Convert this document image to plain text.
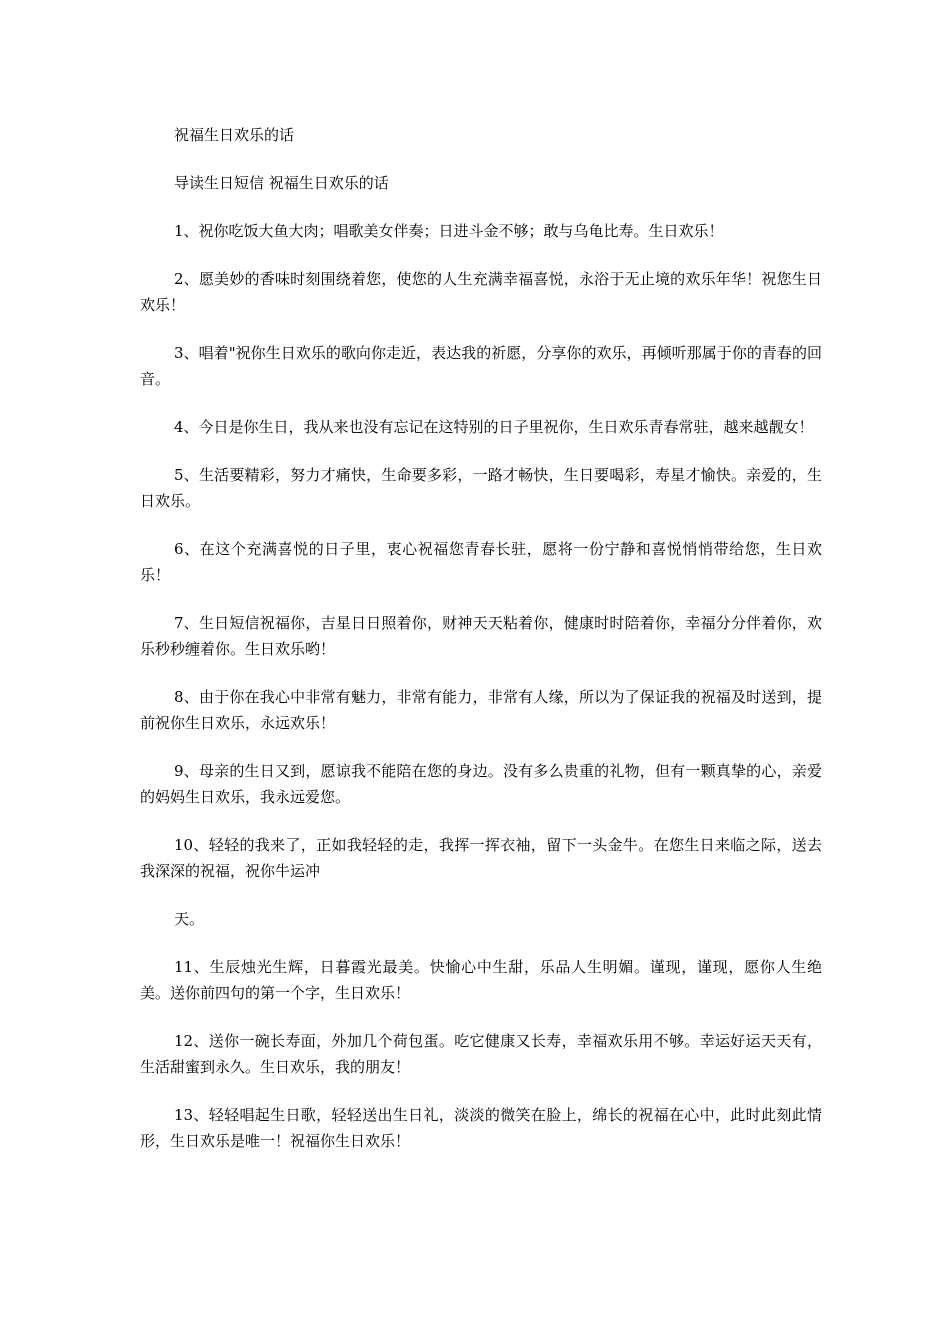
祝福生日欢乐的话

导读生日短信 祝福生日欢乐的话

1、祝你吃饭大鱼大肉；唱歌美女伴奏；日进斗金不够；敢与乌龟比寿。生日欢乐！

2、愿美妙的香味时刻围绕着您，使您的人生充满幸福喜悦，永浴于无止境的欢乐年华！祝您生日欢乐！

3、唱着"祝你生日欢乐的歌向你走近，表达我的祈愿，分享你的欢乐，再倾听那属于你的青春的回音。

4、今日是你生日，我从来也没有忘记在这特别的日子里祝你，生日欢乐青春常驻，越来越靓女！

5、生活要精彩，努力才痛快，生命要多彩，一路才畅快，生日要喝彩，寿星才愉快。亲爱的，生日欢乐。

6、在这个充满喜悦的日子里，衷心祝福您青春长驻，愿将一份宁静和喜悦悄悄带给您，生日欢乐！

7、生日短信祝福你，吉星日日照着你，财神天天粘着你，健康时时陪着你，幸福分分伴着你，欢乐秒秒缠着你。生日欢乐哟！

8、由于你在我心中非常有魅力，非常有能力，非常有人缘，所以为了保证我的祝福及时送到，提前祝你生日欢乐，永远欢乐！

9、母亲的生日又到，愿谅我不能陪在您的身边。没有多么贵重的礼物，但有一颗真挚的心，亲爱的妈妈生日欢乐，我永远爱您。

10、轻轻的我来了，正如我轻轻的走，我挥一挥衣袖，留下一头金牛。在您生日来临之际，送去我深深的祝福，祝你牛运冲

天。

11、生辰烛光生辉，日暮霞光最美。快愉心中生甜，乐品人生明媚。谨现，谨现，愿你人生绝美。送你前四句的第一个字，生日欢乐！

12、送你一碗长寿面，外加几个荷包蛋。吃它健康又长寿，幸福欢乐用不够。幸运好运天天有，生活甜蜜到永久。生日欢乐，我的朋友！

13、轻轻唱起生日歌，轻轻送出生日礼，淡淡的微笑在脸上，绵长的祝福在心中，此时此刻此情形，生日欢乐是唯一！祝福你生日欢乐！
